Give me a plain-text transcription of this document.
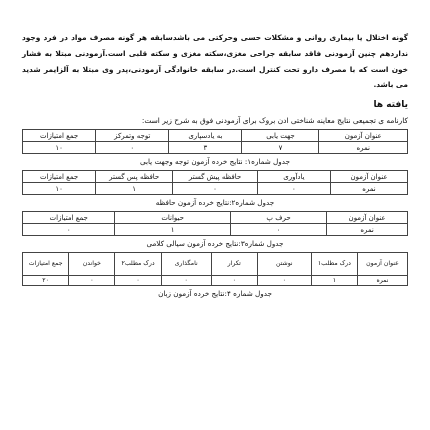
گونه اختلال یا بیماری روانی و مشکلات حسی وحرکتی می باشدسابقه هر گونه مصرف مواد در فرد وجود نداردهم چنین آزمودنی فاقد سابقه جراحی مغزی،سکته مغزی و سکته قلبی است.آزمودنی مبتلا به فشار خون است که با مصرف دارو تحت کنترل است.در سابقه خانوادگی آزمودنی،پدر وی مبتلا به آلزایمر شدید می باشد.

یافته ها
کارنامه ی تجمیعی نتایج معاینه شناختی ادن بروک برای آزمودنی فوق به شرح زیر است:
عنوان آزمون	جهت یابی	به یادسپاری	توجه وتمرکز	جمع امتیازات
نمره	۷	۳	۰	۱۰
جدول شماره۱: نتایج خرده آزمون توجه وجهت یابی
عنوان آزمون	یادآوری	حافظه پیش گستر	حافظه پس گستر	جمع امتیازات
نمره	۰	۰	۱	۱۰
جدول شماره۲:نتایج خرده آزمون حافظه
عنوان آزمون	حرف پ	حیوانات	جمع امتیازات
نمره	۰	۱	۰
جدول شماره۳:نتایج خرده آزمون سیالی کلامی
عنوان آزمون	درک مطلب۱	نوشتن	تکرار	نامگذاری	درک مطلب۲	خواندن	جمع امتیازات
نمره	۱	۰	۰	۰	۰	۰	۲۰
جدول شماره ۴:نتایج خرده آزمون زبان
